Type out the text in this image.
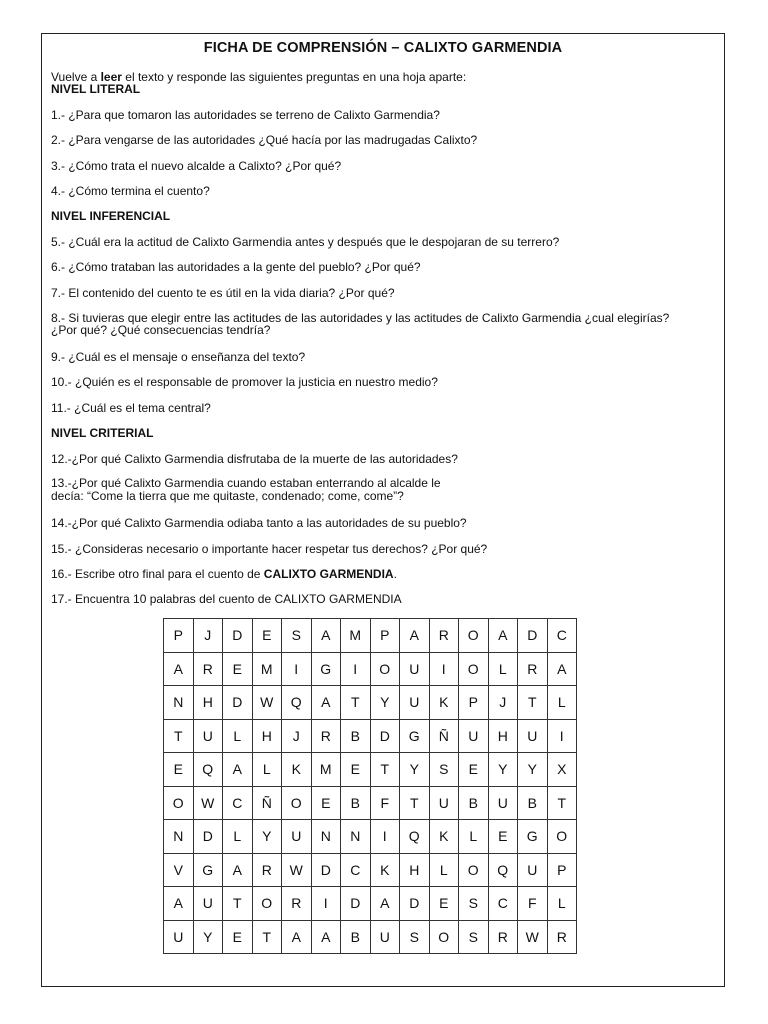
FICHA DE COMPRENSIÓN – CALIXTO GARMENDIA
Vuelve a leer el texto y responde las siguientes preguntas en una hoja aparte:
NIVEL LITERAL
1.- ¿Para que tomaron las autoridades se terreno de Calixto Garmendia?
2.- ¿Para vengarse de las autoridades ¿Qué hacía por las madrugadas Calixto?
3.- ¿Cómo trata el nuevo alcalde a Calixto? ¿Por qué?
4.- ¿Cómo termina el cuento?
NIVEL INFERENCIAL
5.- ¿Cuál era la actitud de Calixto Garmendia antes y después que le despojaran de su terrero?
6.- ¿Cómo trataban las autoridades a la gente del pueblo? ¿Por qué?
7.- El contenido del cuento te es útil en la vida diaria? ¿Por qué?
8.- Si tuvieras que elegir entre las actitudes de las autoridades y las actitudes de Calixto Garmendia ¿cual elegirías?
¿Por qué? ¿Qué consecuencias tendría?
9.- ¿Cuál es el mensaje o enseñanza del texto?
10.- ¿Quién es el responsable de promover la justicia en nuestro medio?
11.- ¿Cuál es el tema central?
NIVEL CRITERIAL
12.-¿Por qué Calixto Garmendia disfrutaba de la muerte de las autoridades?
13.-¿Por qué Calixto Garmendia cuando estaban enterrando al alcalde le
decía: “Come la tierra que me quitaste, condenado; come, come”?
14.-¿Por qué Calixto Garmendia odiaba tanto a las autoridades de su pueblo?
15.- ¿Consideras necesario o importante hacer respetar tus derechos? ¿Por qué?
16.- Escribe otro final para el cuento de CALIXTO GARMENDIA.
17.- Encuentra 10 palabras del cuento de CALIXTO GARMENDIA
P	J	D	E	S	A	M	P	A	R	O	A	D	C
A	R	E	M	I	G	I	O	U	I	O	L	R	A
N	H	D	W	Q	A	T	Y	U	K	P	J	T	L
T	U	L	H	J	R	B	D	G	Ñ	U	H	U	I
E	Q	A	L	K	M	E	T	Y	S	E	Y	Y	X
O	W	C	Ñ	O	E	B	F	T	U	B	U	B	T
N	D	L	Y	U	N	N	I	Q	K	L	E	G	O
V	G	A	R	W	D	C	K	H	L	O	Q	U	P
A	U	T	O	R	I	D	A	D	E	S	C	F	L
U	Y	E	T	A	A	B	U	S	O	S	R	W	R
